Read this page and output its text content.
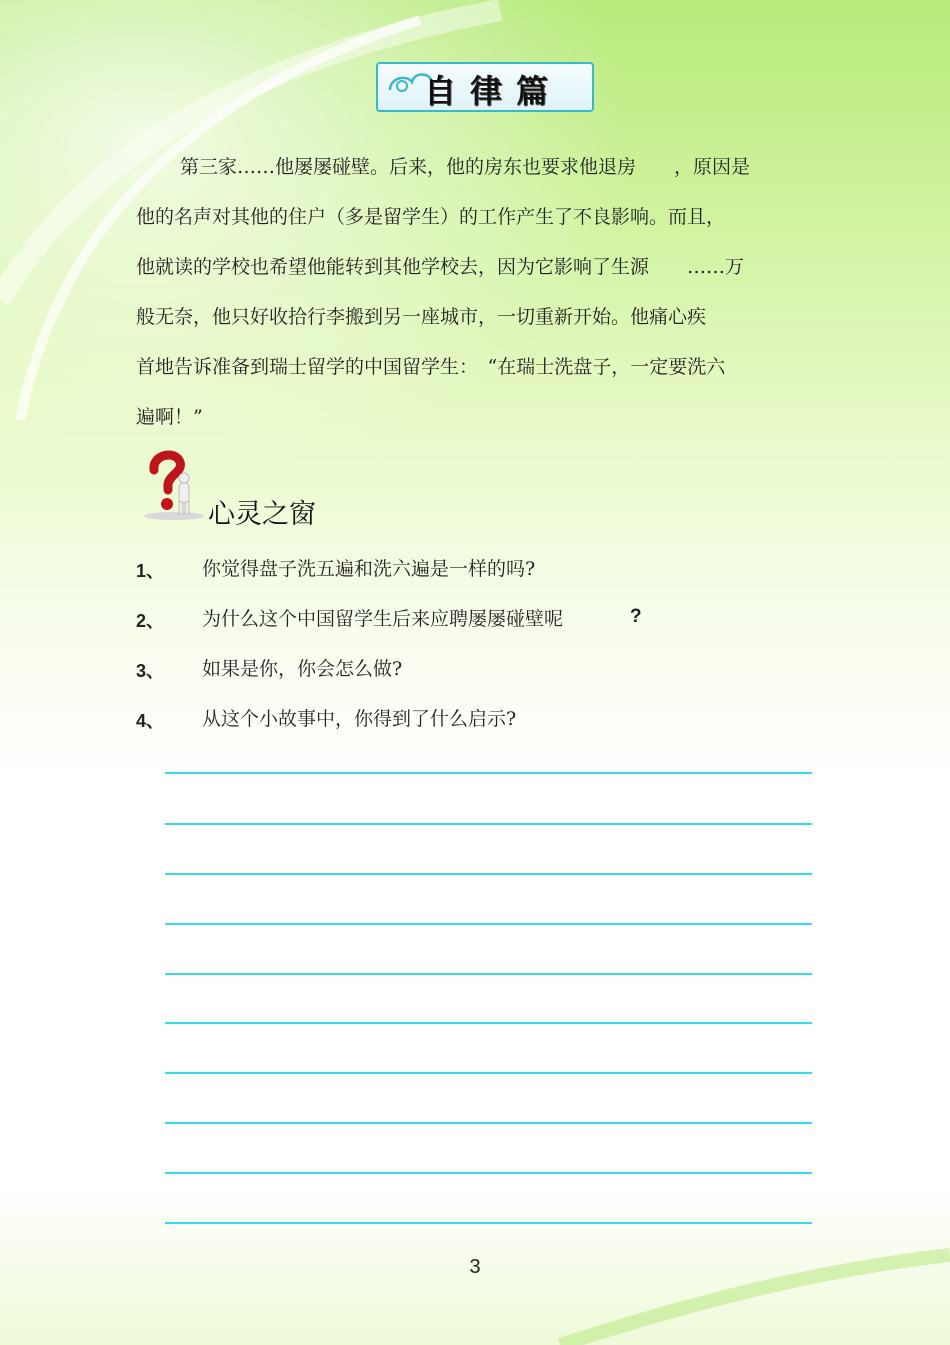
自律篇
第三家……他屡屡碰壁。后来，他的房东也要求他退房　　，原因是
他的名声对其他的住户（多是留学生）的工作产生了不良影响。而且，
他就读的学校也希望他能转到其他学校去，因为它影响了生源　　……万
般无奈，他只好收拾行李搬到另一座城市，一切重新开始。他痛心疾
首地告诉准备到瑞士留学的中国留学生：　“在瑞士洗盘子，一定要洗六
遍啊！”
心灵之窗
1、 你觉得盘子洗五遍和洗六遍是一样的吗?
2、 为什么这个中国留学生后来应聘屡屡碰壁呢	?
3、 如果是你，你会怎么做?
4、 从这个小故事中，你得到了什么启示?
3
